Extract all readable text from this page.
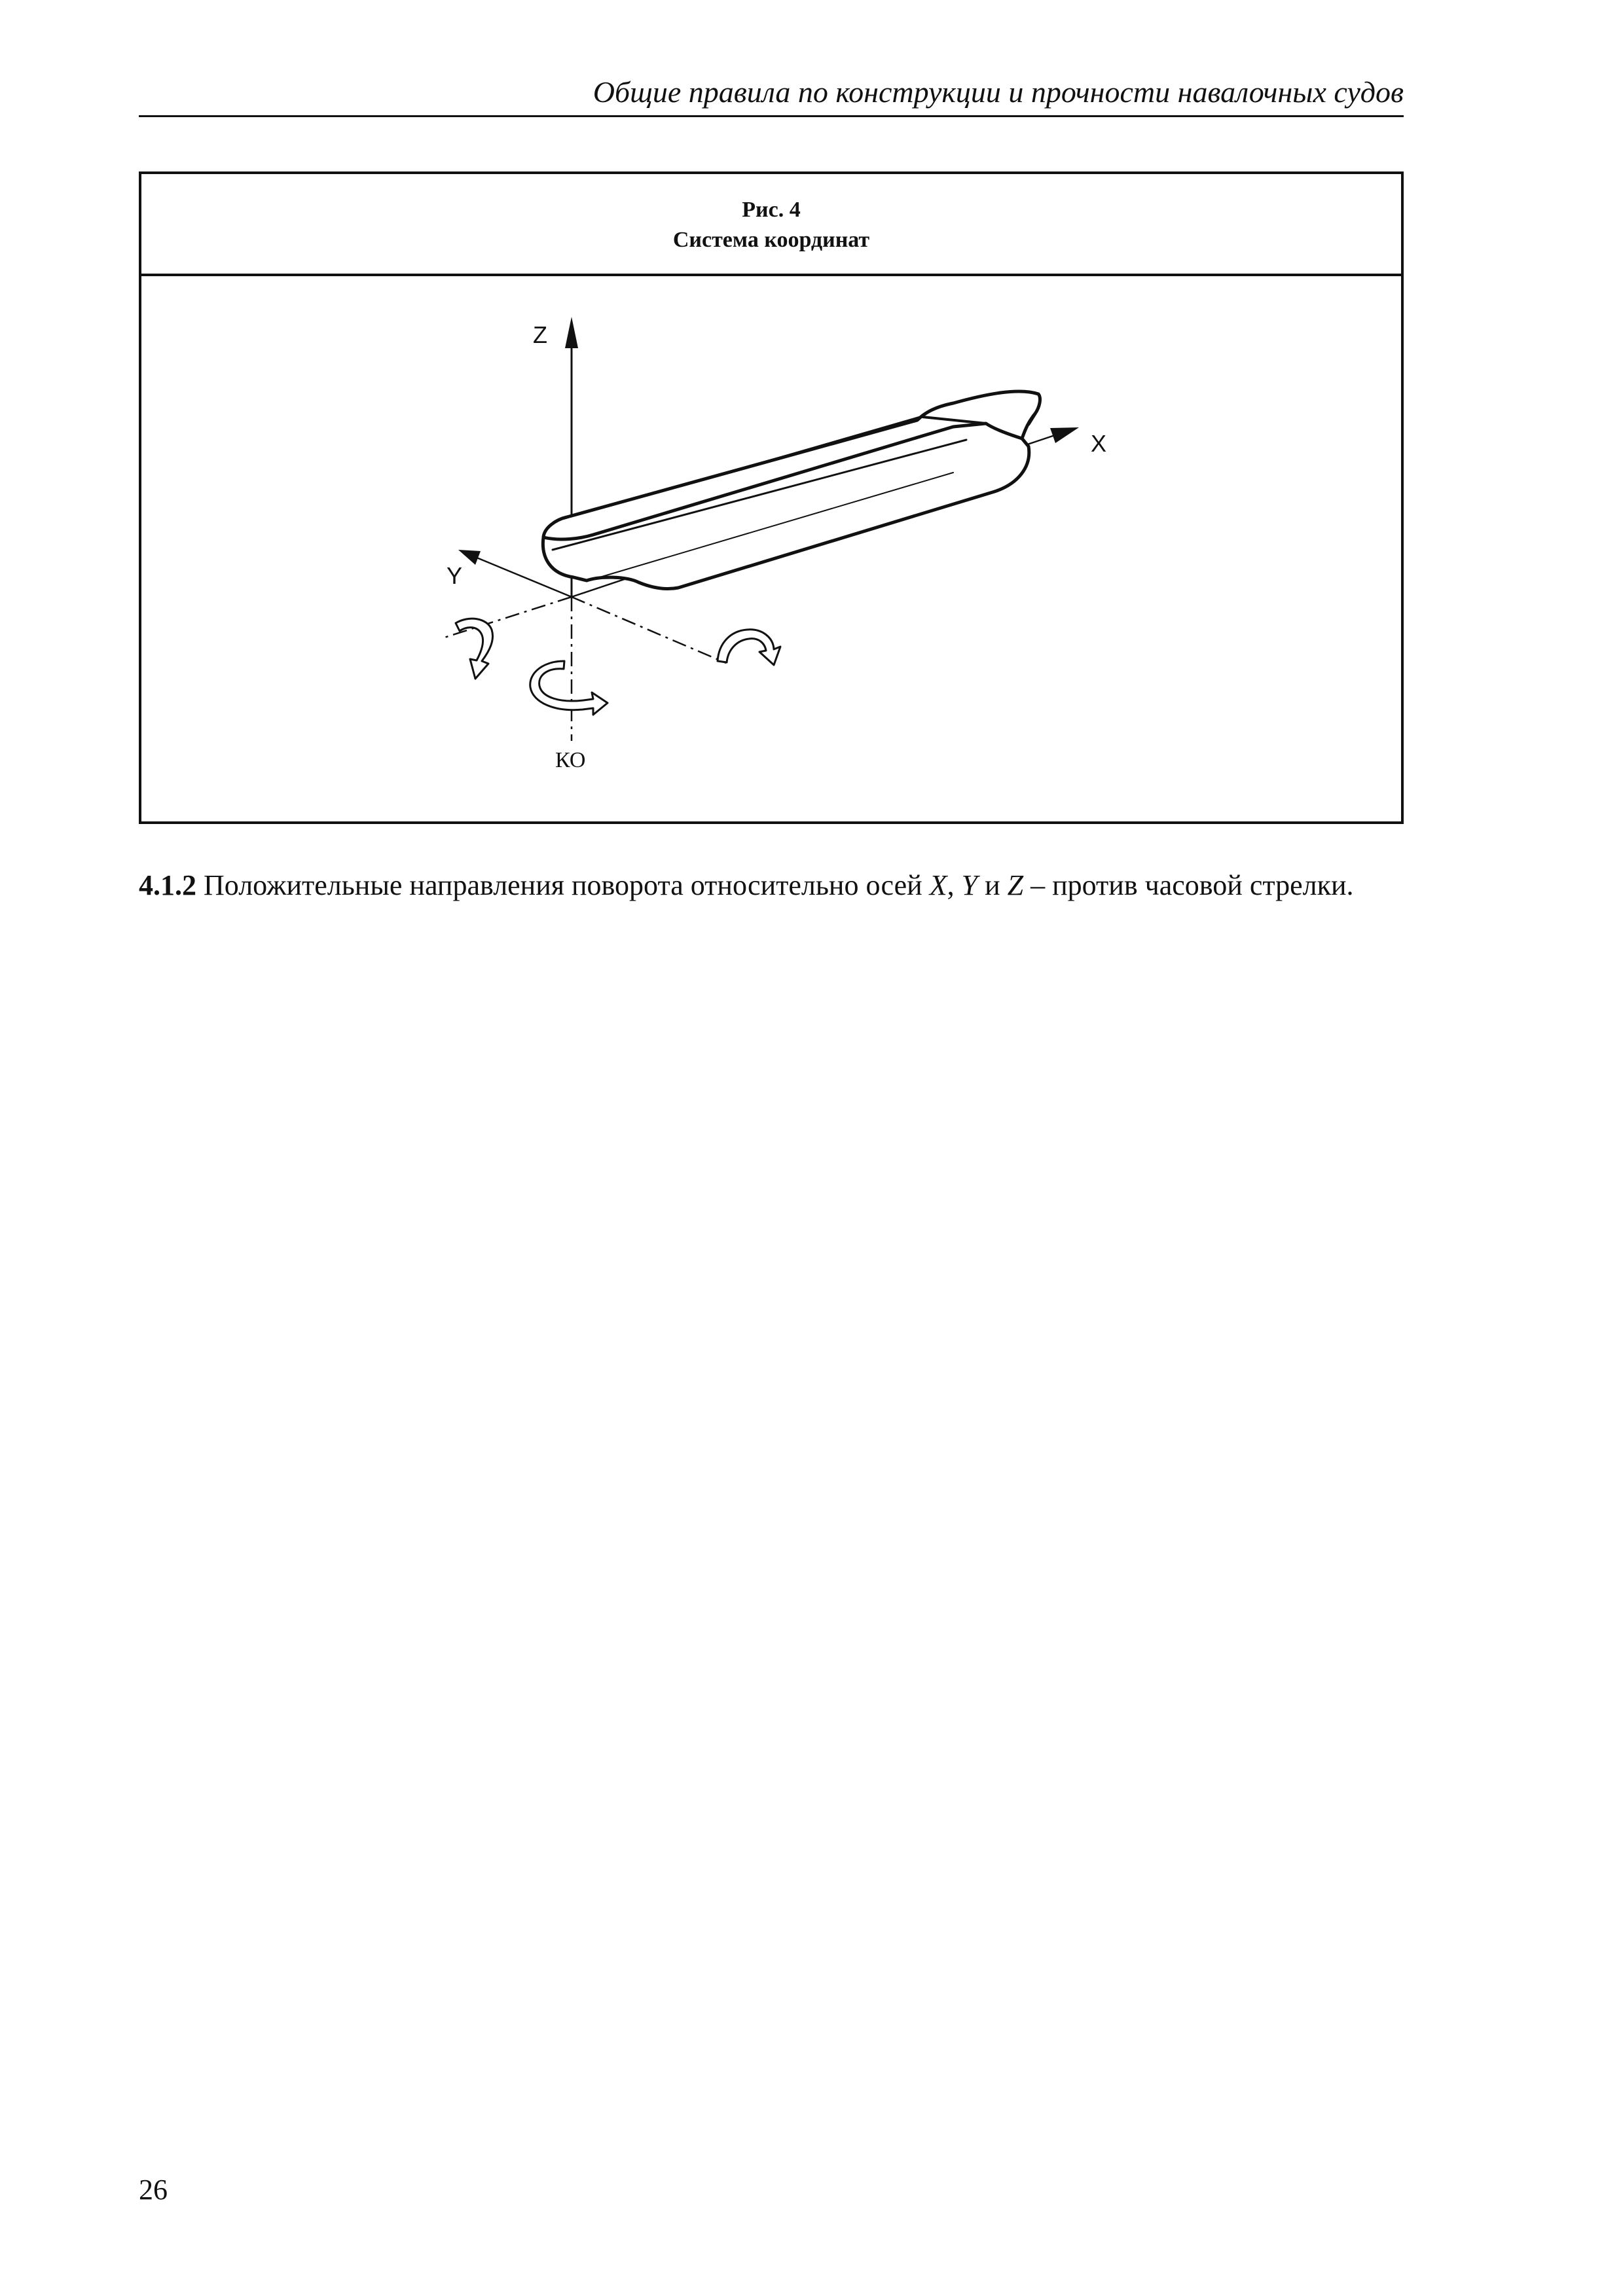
Общие правила по конструкции и прочности навалочных судов
Рис. 4
Система координат
Z
КО
X
Y
4.1.2 Положительные направления поворота относительно осей X, Y и Z – против часовой стрелки.
26
